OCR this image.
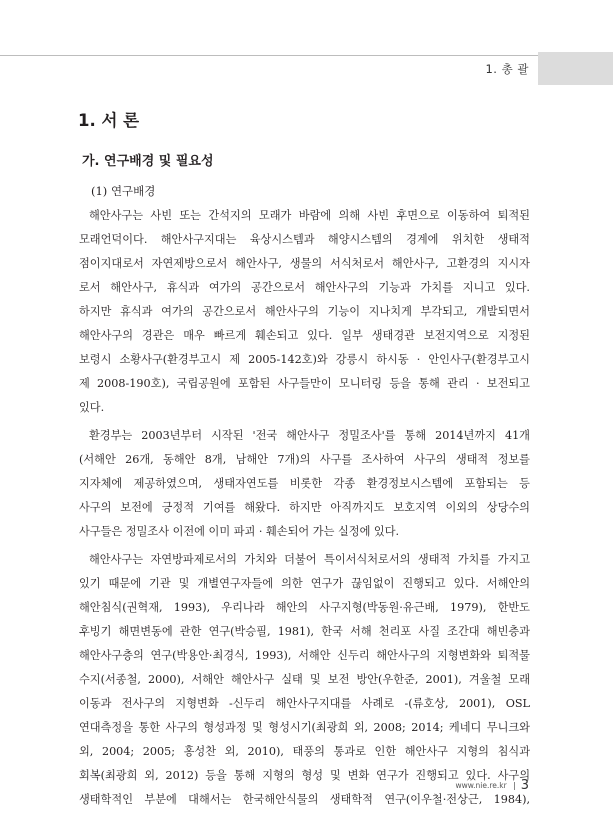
1. 총 괄
1. 서 론
가. 연구배경 및 필요성
(1) 연구배경
해안사구는 사빈 또는 간석지의 모래가 바람에 의해 사빈 후면으로 이동하여 퇴적된
모래언덕이다. 해안사구지대는 육상시스템과 해양시스템의 경계에 위치한 생태적
점이지대로서 자연제방으로서 해안사구, 생물의 서식처로서 해안사구, 고환경의 지시자
로서 해안사구, 휴식과 여가의 공간으로서 해안사구의 기능과 가치를 지니고 있다.
하지만 휴식과 여가의 공간으로서 해안사구의 기능이 지나치게 부각되고, 개발되면서
해안사구의 경관은 매우 빠르게 훼손되고 있다. 일부 생태경관 보전지역으로 지정된
보령시 소황사구(환경부고시 제 2005-142호)와 강릉시 하시동 · 안인사구(환경부고시
제 2008-190호), 국립공원에 포함된 사구들만이 모니터링 등을 통해 관리 · 보전되고
있다.
환경부는 2003년부터 시작된 '전국 해안사구 정밀조사'를 통해 2014년까지 41개
(서해안 26개, 동해안 8개, 남해안 7개)의 사구를 조사하여 사구의 생태적 정보를
지자체에 제공하였으며, 생태자연도를 비롯한 각종 환경정보시스템에 포함되는 등
사구의 보전에 긍정적 기여를 해왔다. 하지만 아직까지도 보호지역 이외의 상당수의
사구들은 정밀조사 이전에 이미 파괴 · 훼손되어 가는 실정에 있다.
해안사구는 자연방파제로서의 가치와 더불어 특이서식처로서의 생태적 가치를 가지고
있기 때문에 기관 및 개별연구자들에 의한 연구가 끊임없이 진행되고 있다. 서해안의
해안침식(권혁재, 1993), 우리나라 해안의 사구지형(박동원·유근배, 1979), 한반도
후빙기 해면변동에 관한 연구(박승필, 1981), 한국 서해 천리포 사질 조간대 해빈층과
해안사구층의 연구(박용안·최경식, 1993), 서해안 신두리 해안사구의 지형변화와 퇴적물
수지(서종철, 2000), 서해안 해안사구 실태 및 보전 방안(우한준, 2001), 겨울철 모래
이동과 전사구의 지형변화 -신두리 해안사구지대를 사례로 -(류호상, 2001), OSL
연대측정을 통한 사구의 형성과정 및 형성시기(최광희 외, 2008; 2014; 케네디 무니크와
외, 2004; 2005; 홍성찬 외, 2010), 태풍의 통과로 인한 해안사구 지형의 침식과
회복(최광희 외, 2012) 등을 통해 지형의 형성 및 변화 연구가 진행되고 있다. 사구의
생태학적인 부분에 대해서는 한국해안식물의 생태학적 연구(이우철·전상근, 1984),
www.nie.re.kr 3
